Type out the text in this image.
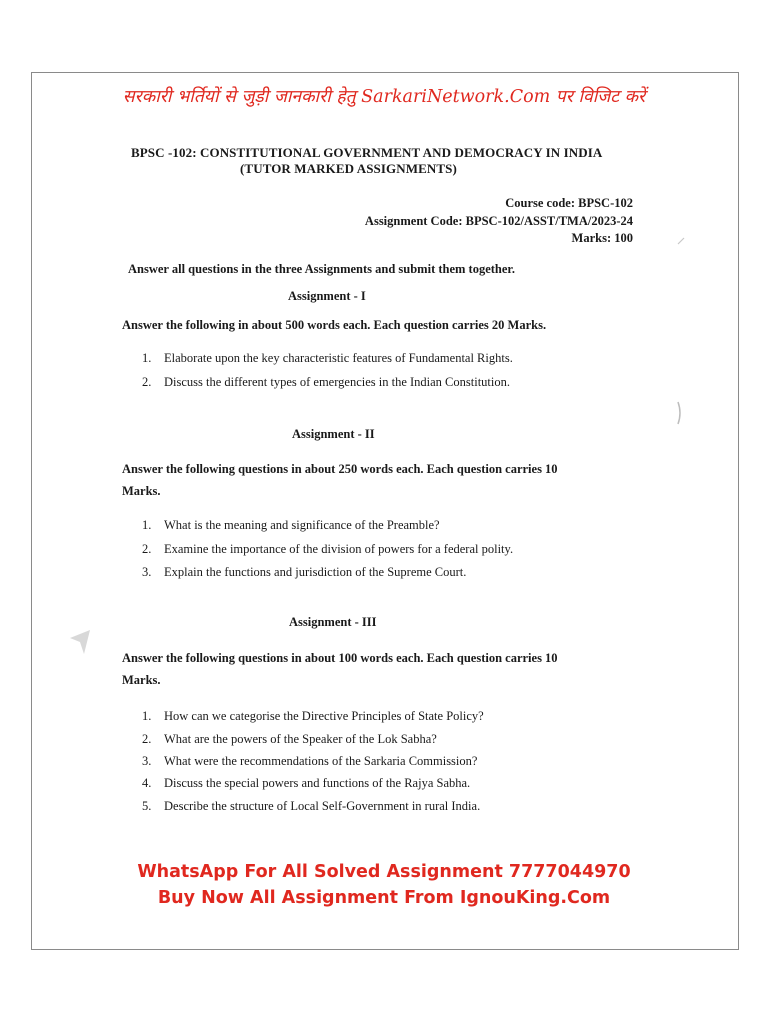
सरकारी भर्तियों से जुड़ी जानकारी हेतु SarkariNetwork.Com पर विजिट करें
BPSC -102: CONSTITUTIONAL GOVERNMENT AND DEMOCRACY IN INDIA
(TUTOR MARKED ASSIGNMENTS)
Course code: BPSC-102
Assignment Code: BPSC-102/ASST/TMA/2023-24
Marks: 100
Answer all questions in the three Assignments and submit them together.
Assignment - I
Answer the following in about 500 words each. Each question carries 20 Marks.
1. Elaborate upon the key characteristic features of Fundamental Rights.
2. Discuss the different types of emergencies in the Indian Constitution.
Assignment - II
Answer the following questions in about 250 words each. Each question carries 10
Marks.
1. What is the meaning and significance of the Preamble?
2. Examine the importance of the division of powers for a federal polity.
3. Explain the functions and jurisdiction of the Supreme Court.
Assignment - III
Answer the following questions in about 100 words each. Each question carries 10
Marks.
1. How can we categorise the Directive Principles of State Policy?
2. What are the powers of the Speaker of the Lok Sabha?
3. What were the recommendations of the Sarkaria Commission?
4. Discuss the special powers and functions of the Rajya Sabha.
5. Describe the structure of Local Self-Government in rural India.
WhatsApp For All Solved Assignment 7777044970
Buy Now All Assignment From IgnouKing.Com
